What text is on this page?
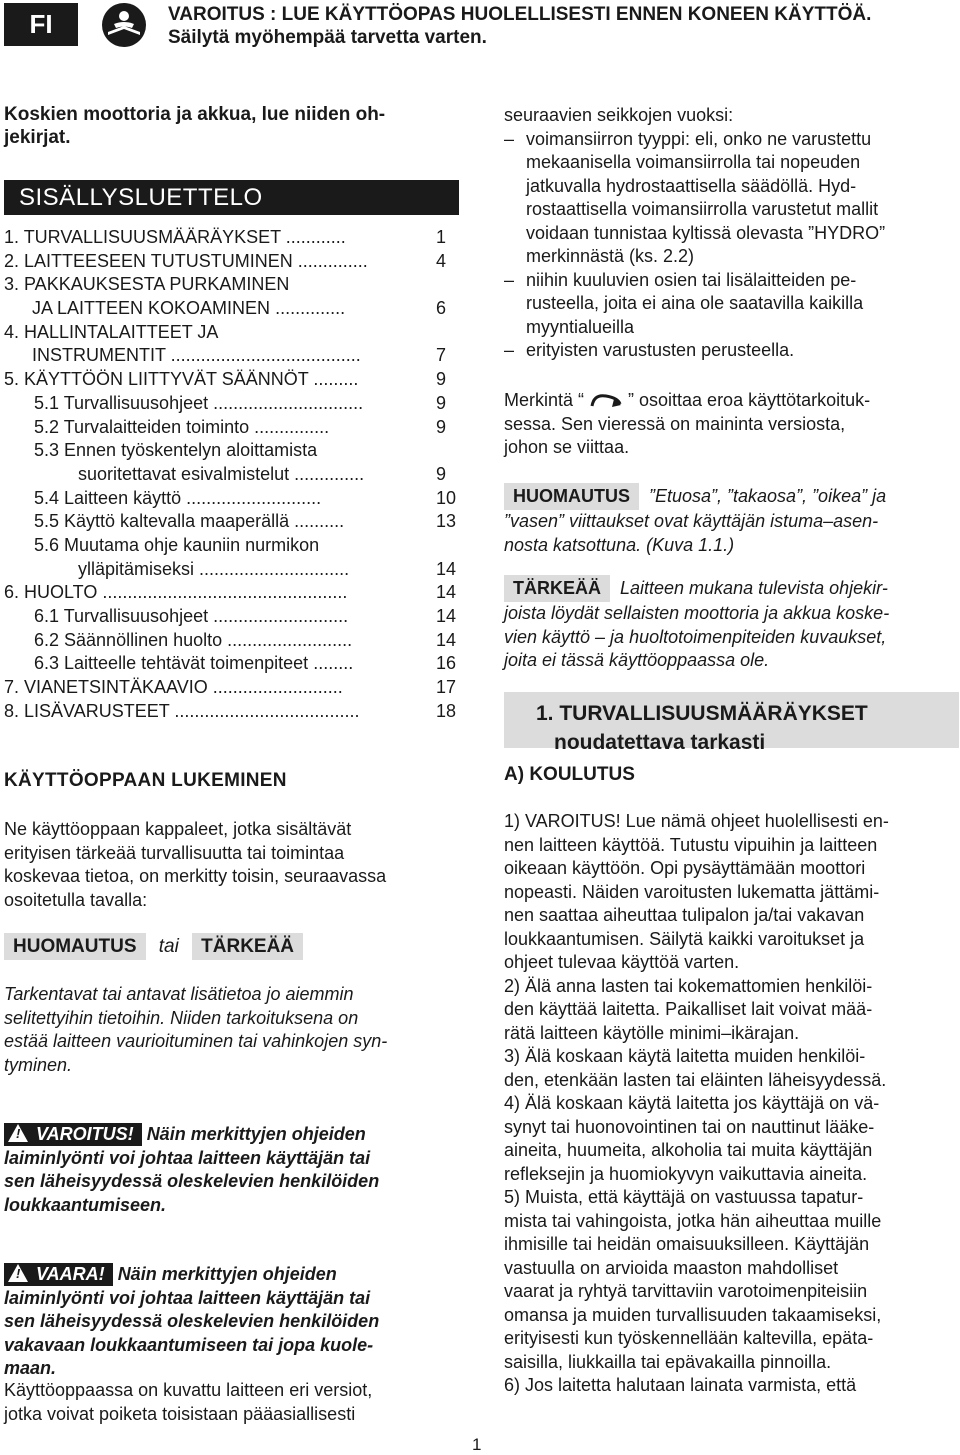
FI	VAROITUS : LUE KÄYTTÖOPAS HUOLELLISESTI ENNEN KONEEN KÄYTTÖÄ.
Säilytä myöhempää tarvetta varten.
Koskien moottoria ja akkua, lue niiden oh-
jekirjat.
SISÄLLYSLUETTELO
1. TURVALLISUUSMÄÄRÄYKSET ............	1
2. LAITTEESEEN TUTUSTUMINEN ..............	4
3. PAKKAUKSESTA PURKAMINEN
JA LAITTEEN KOKOAMINEN ..............	6
4. HALLINTALAITTEET JA
INSTRUMENTIT ......................................	7
5. KÄYTTÖÖN LIITTYVÄT SÄÄNNÖT .........	9
5.1 Turvallisuusohjeet ..............................	9
5.2 Turvalaitteiden toiminto ...............	9
5.3 Ennen työskentelyn aloittamista
suoritettavat esivalmistelut ..............	9
5.4 Laitteen käyttö ...........................	10
5.5 Käyttö kaltevalla maaperällä ..........	13
5.6 Muutama ohje kauniin nurmikon
ylläpitämiseksi ..............................	14
6. HUOLTO .................................................	14
6.1 Turvallisuusohjeet ...........................	14
6.2 Säännöllinen huolto .........................	14
6.3 Laitteelle tehtävät toimenpiteet ........	16
7. VIANETSINTÄKAAVIO ..........................	17
8. LISÄVARUSTEET .....................................	18
KÄYTTÖOPPAAN LUKEMINEN
Ne käyttöoppaan kappaleet, jotka sisältävät
erityisen tärkeää turvallisuutta tai toimintaa
koskevaa tietoa, on merkitty toisin, seuraavassa
osoitetulla tavalla:
HUOMAUTUS tai TÄRKEÄÄ
Tarkentavat tai antavat lisätietoa jo aiemmin
selitettyihin tietoihin. Niiden tarkoituksena on
estää laitteen vaurioituminen tai vahinkojen syn-
tyminen.
! VAROITUS! Näin merkittyjen ohjeiden
laiminlyönti voi johtaa laitteen käyttäjän tai
sen läheisyydessä oleskelevien henkilöiden
loukkaantumiseen.
! VAARA! Näin merkittyjen ohjeiden
laiminlyönti voi johtaa laitteen käyttäjän tai
sen läheisyydessä oleskelevien henkilöiden
vakavaan loukkaantumiseen tai jopa kuole-
maan.
Käyttöoppaassa on kuvattu laitteen eri versiot,
jotka voivat poiketa toisistaan pääasiallisesti
1
seuraavien seikkojen vuoksi:
– voimansiirron tyyppi: eli, onko ne varustettu
mekaanisella voimansiirrolla tai nopeuden
jatkuvalla hydrostaattisella säädöllä. Hyd-
rostaattisella voimansiirrolla varustetut mallit
voidaan tunnistaa kyltissä olevasta ”HYDRO”
merkinnästä (ks. 2.2)
– niihin kuuluvien osien tai lisälaitteiden pe-
rusteella, joita ei aina ole saatavilla kaikilla
myyntialueilla
– erityisten varustusten perusteella.
Merkintä “ ” osoittaa eroa käyttötarkoituk-
sessa. Sen vieressä on maininta versiosta,
johon se viittaa.
HUOMAUTUS ”Etuosa”, ”takaosa”, ”oikea” ja
”vasen” viittaukset ovat käyttäjän istuma–asen-
nosta katsottuna. (Kuva 1.1.)
TÄRKEÄÄ Laitteen mukana tulevista ohjekir-
joista löydät sellaisten moottoria ja akkua koske-
vien käyttö – ja huoltotoimenpiteiden kuvaukset,
joita ei tässä käyttöoppaassa ole.
1. TURVALLISUUSMÄÄRÄYKSET
noudatettava tarkasti
A) KOULUTUS
1) VAROITUS! Lue nämä ohjeet huolellisesti en-
nen laitteen käyttöä. Tutustu vipuihin ja laitteen
oikeaan käyttöön. Opi pysäyttämään moottori
nopeasti. Näiden varoitusten lukematta jättämi-
nen saattaa aiheuttaa tulipalon ja/tai vakavan
loukkaantumisen. Säilytä kaikki varoitukset ja
ohjeet tulevaa käyttöä varten.
2) Älä anna lasten tai kokemattomien henkilöi-
den käyttää laitetta. Paikalliset lait voivat mää-
rätä laitteen käytölle minimi–ikärajan.
3) Älä koskaan käytä laitetta muiden henkilöi-
den, etenkään lasten tai eläinten läheisyydessä.
4) Älä koskaan käytä laitetta jos käyttäjä on vä-
synyt tai huonovointinen tai on nauttinut lääke-
aineita, huumeita, alkoholia tai muita käyttäjän
refleksejin ja huomiokyvyn vaikuttavia aineita.
5) Muista, että käyttäjä on vastuussa tapatur-
mista tai vahingoista, jotka hän aiheuttaa muille
ihmisille tai heidän omaisuuksilleen. Käyttäjän
vastuulla on arvioida maaston mahdolliset
vaarat ja ryhtyä tarvittaviin varotoimenpiteisiin
omansa ja muiden turvallisuuden takaamiseksi,
erityisesti kun työskennellään kaltevilla, epäta-
saisilla, liukkailla tai epävakailla pinnoilla.
6) Jos laitetta halutaan lainata varmista, että
